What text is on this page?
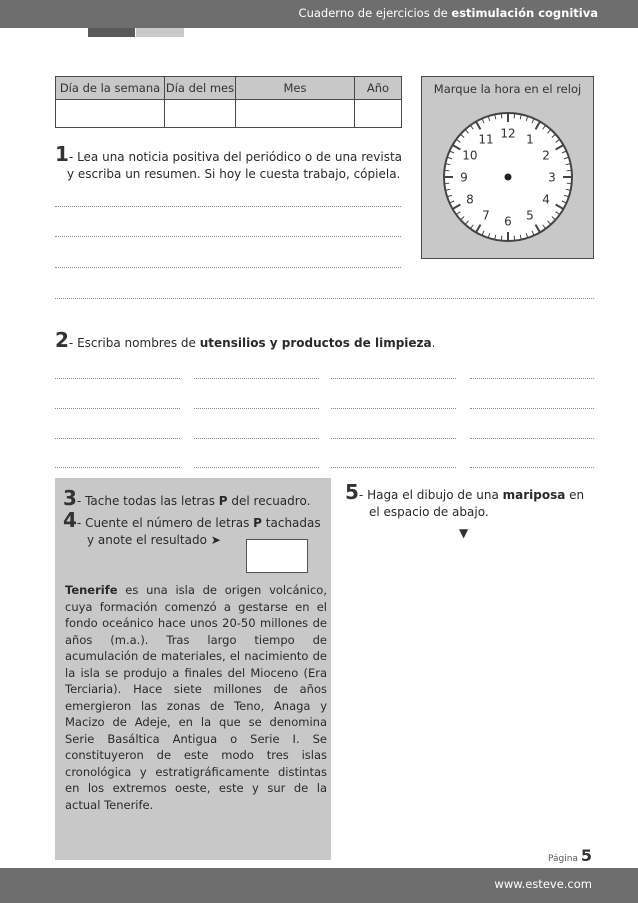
Cuaderno de ejercicios de estimulación cognitiva
Día de la semana	Día del mes	Mes	Año
				Marque la hora en el reloj
12 1
2
3
4
5
6
7
8
9
10
11
1- Lea una noticia positiva del periódico o de una revista
y escriba un resumen. Si hoy le cuesta trabajo, cópiela.
2- Escriba nombres de utensilios y productos de limpieza.
3- Tache todas las letras P del recuadro.
4- Cuente el número de letras P tachadas
y anote el resultado ➤
Tenerife es una isla de origen volcánico, cuya formación comenzó a gestarse en el fondo oceánico hace unos 20-50 millones de años (m.a.). Tras largo tiempo de acumulación de materiales, el nacimiento de la isla se produjo a finales del Mioceno (Era Terciaria). Hace siete millones de años emergieron las zonas de Teno, Anaga y Macizo de Adeje, en la que se denomina Serie Basáltica Antigua o Serie I. Se constituyeron de este modo tres islas cronológica y estratigráficamente distintas en los extremos oeste, este y sur de la actual Tenerife.
5- Haga el dibujo de una mariposa en
el espacio de abajo.
▼
Página 5
www.esteve.com
